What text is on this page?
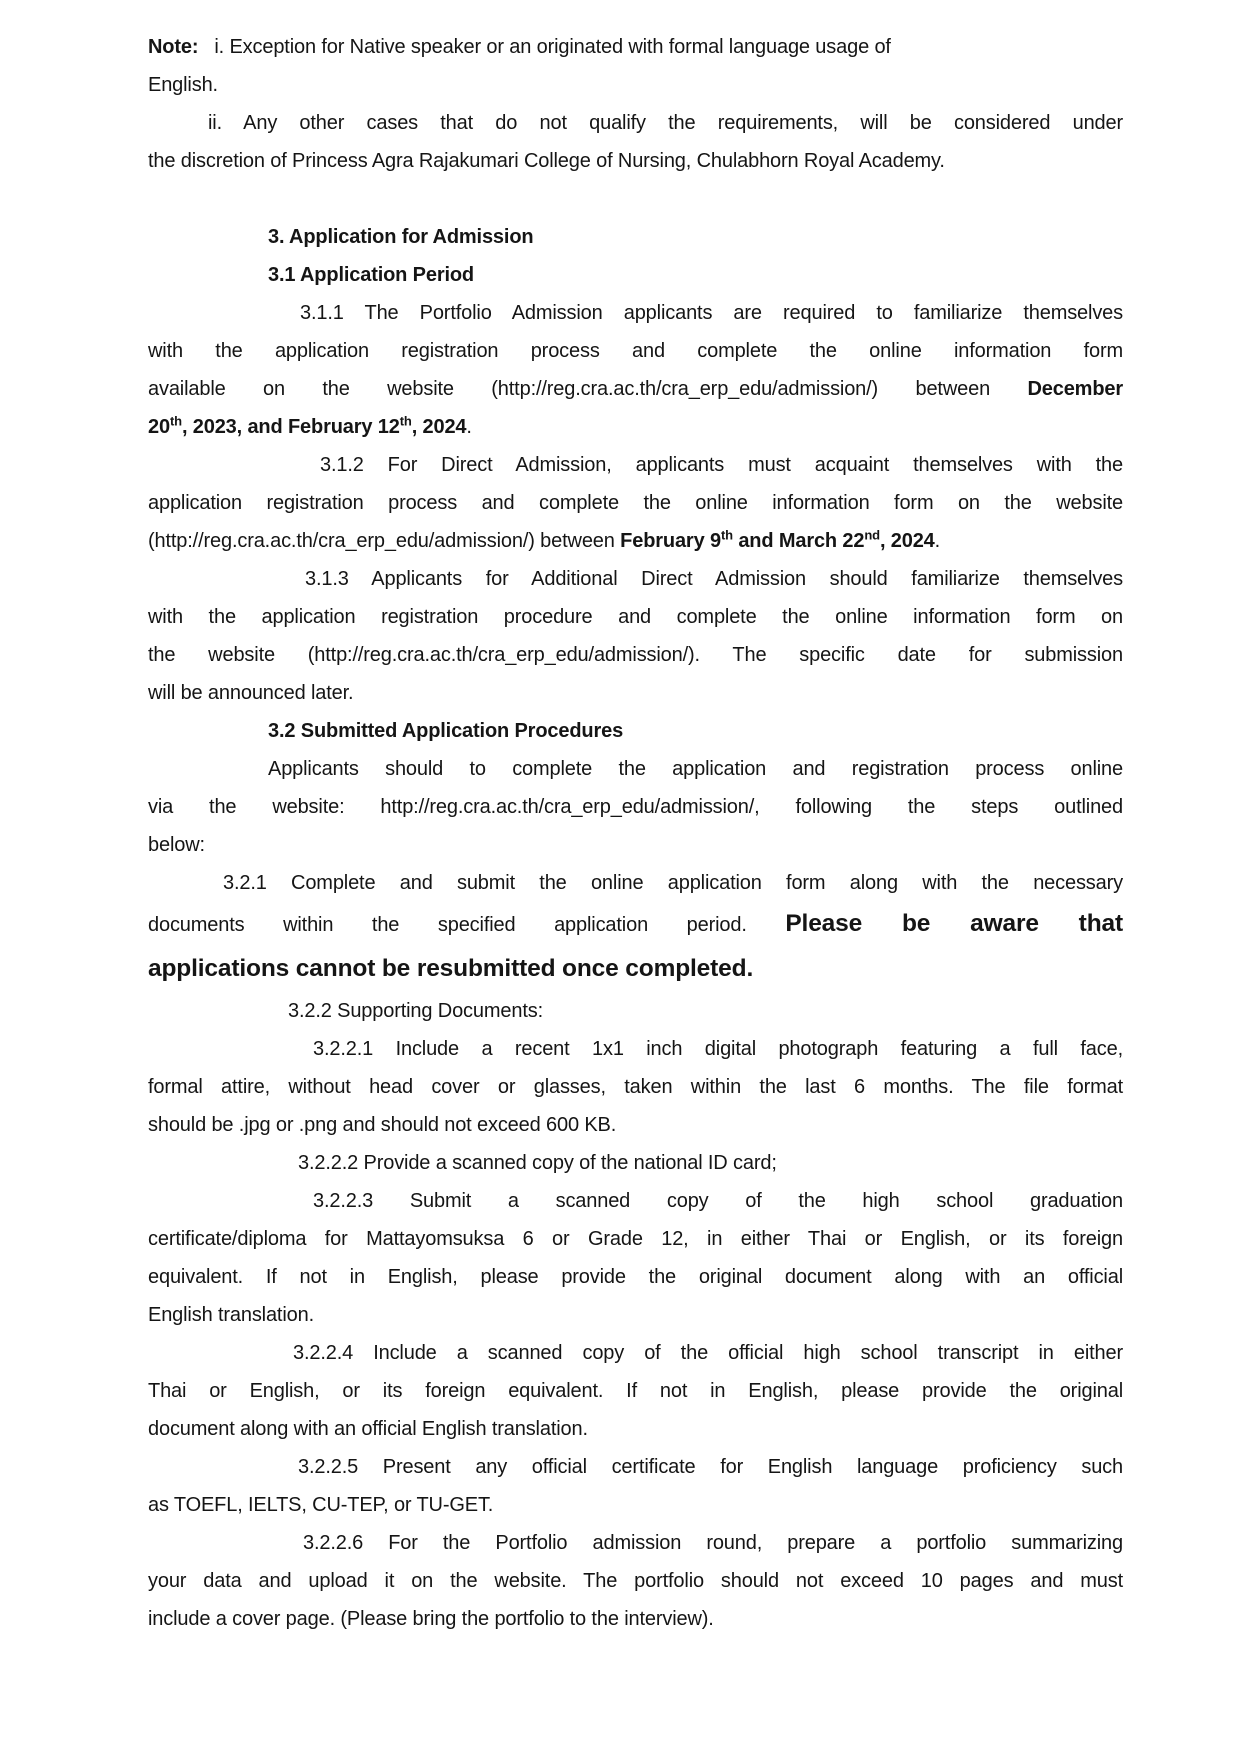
Note: i. Exception for Native speaker or an originated with formal language usage of
English.
ii. Any other cases that do not qualify the requirements, will be considered under
the discretion of Princess Agra Rajakumari College of Nursing, Chulabhorn Royal Academy.
3. Application for Admission
3.1 Application Period
3.1.1 The Portfolio Admission applicants are required to familiarize themselves
with the application registration process and complete the online information form
available on the website (http://reg.cra.ac.th/cra_erp_edu/admission/) between December
20th, 2023, and February 12th, 2024.
3.1.2 For Direct Admission, applicants must acquaint themselves with the
application registration process and complete the online information form on the website
(http://reg.cra.ac.th/cra_erp_edu/admission/) between February 9th and March 22nd, 2024.
3.1.3 Applicants for Additional Direct Admission should familiarize themselves
with the application registration procedure and complete the online information form on
the website (http://reg.cra.ac.th/cra_erp_edu/admission/). The specific date for submission
will be announced later.
3.2 Submitted Application Procedures
Applicants should to complete the application and registration process online
via the website: http://reg.cra.ac.th/cra_erp_edu/admission/, following the steps outlined
below:
3.2.1 Complete and submit the online application form along with the necessary
documents within the specified application period. Please be aware that
applications cannot be resubmitted once completed.
3.2.2 Supporting Documents:
3.2.2.1 Include a recent 1x1 inch digital photograph featuring a full face,
formal attire, without head cover or glasses, taken within the last 6 months. The file format
should be .jpg or .png and should not exceed 600 KB.
3.2.2.2 Provide a scanned copy of the national ID card;
3.2.2.3 Submit a scanned copy of the high school graduation
certificate/diploma for Mattayomsuksa 6 or Grade 12, in either Thai or English, or its foreign
equivalent. If not in English, please provide the original document along with an official
English translation.
3.2.2.4 Include a scanned copy of the official high school transcript in either
Thai or English, or its foreign equivalent. If not in English, please provide the original
document along with an official English translation.
3.2.2.5 Present any official certificate for English language proficiency such
as TOEFL, IELTS, CU-TEP, or TU-GET.
3.2.2.6 For the Portfolio admission round, prepare a portfolio summarizing
your data and upload it on the website. The portfolio should not exceed 10 pages and must
include a cover page. (Please bring the portfolio to the interview).
